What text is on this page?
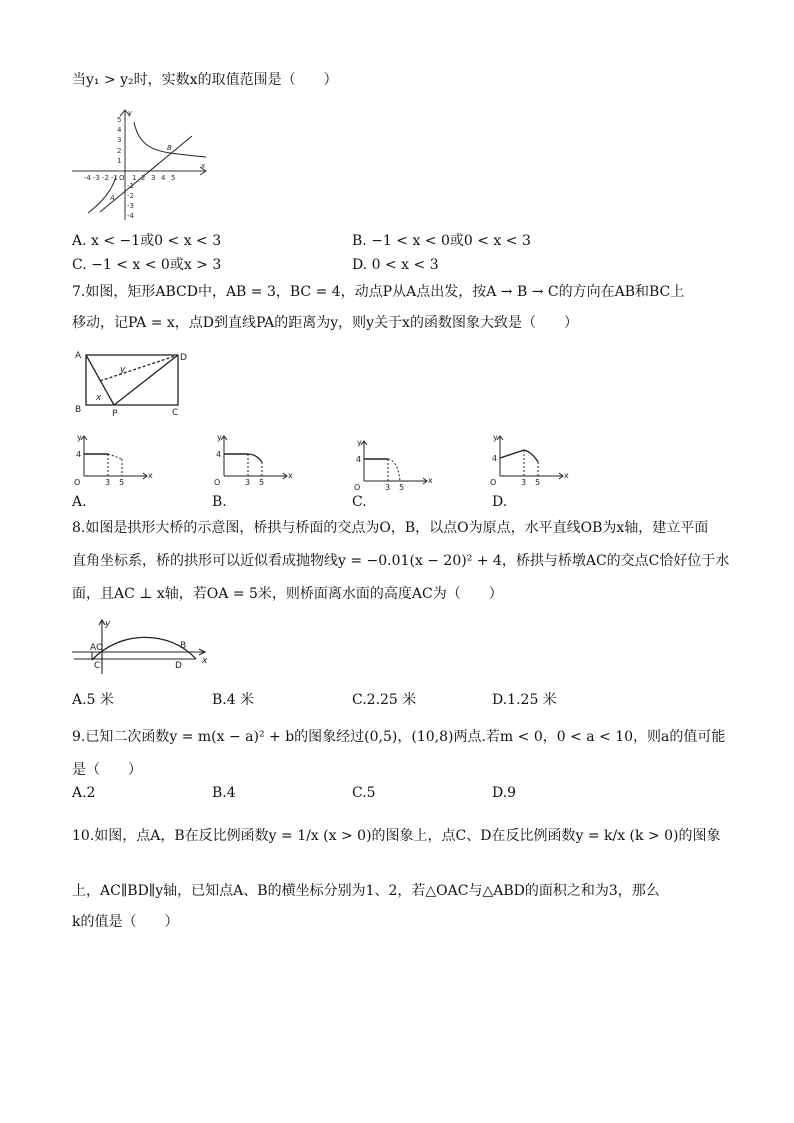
当y₁ > y₂时，实数x的取值范围是（　　）
-4 -3 -2 -1 O 1 2 3 4 5
5
4
3
2
1
-1
-2
-3
-4
B
A
x
y
A. x < −1或0 < x < 3	B. −1 < x < 0或0 < x < 3
C. −1 < x < 0或x > 3	D. 0 < x < 3
7.如图，矩形ABCD中，AB = 3，BC = 4，动点P从A点出发，按A → B → C的方向在AB和BC上
移动，记PA = x，点D到直线PA的距离为y，则y关于x的函数图象大致是（　　）
A
B	C
D
P
x
y
y
x
O
4
3 5
y
x
O
4
3 5
y
x
O
4
3 5
y
x
O
4
3 5
A.	B.	C.	D.
8.如图是拱形大桥的示意图，桥拱与桥面的交点为O，B，以点O为原点，水平直线OB为x轴，建立平面
直角坐标系，桥的拱形可以近似看成抛物线y = −0.01(x − 20)² + 4，桥拱与桥墩AC的交点C恰好位于水
面，且AC ⊥ x轴，若OA = 5米，则桥面离水面的高度AC为（　　）
y
AO
C
B
D x
A.5 米	B.4 米	C.2.25 米	D.1.25 米
9.已知二次函数y = m(x − a)² + b的图象经过(0,5)，(10,8)两点.若m < 0，0 < a < 10，则a的值可能
是（　　）
A.2	B.4	C.5	D.9
10.如图，点A，B在反比例函数y = 1/x (x > 0)的图象上，点C、D在反比例函数y = k/x (k > 0)的图象
上，AC∥BD∥y轴，已知点A、B的横坐标分别为1、2，若△OAC与△ABD的面积之和为3，那么
k的值是（　　）
